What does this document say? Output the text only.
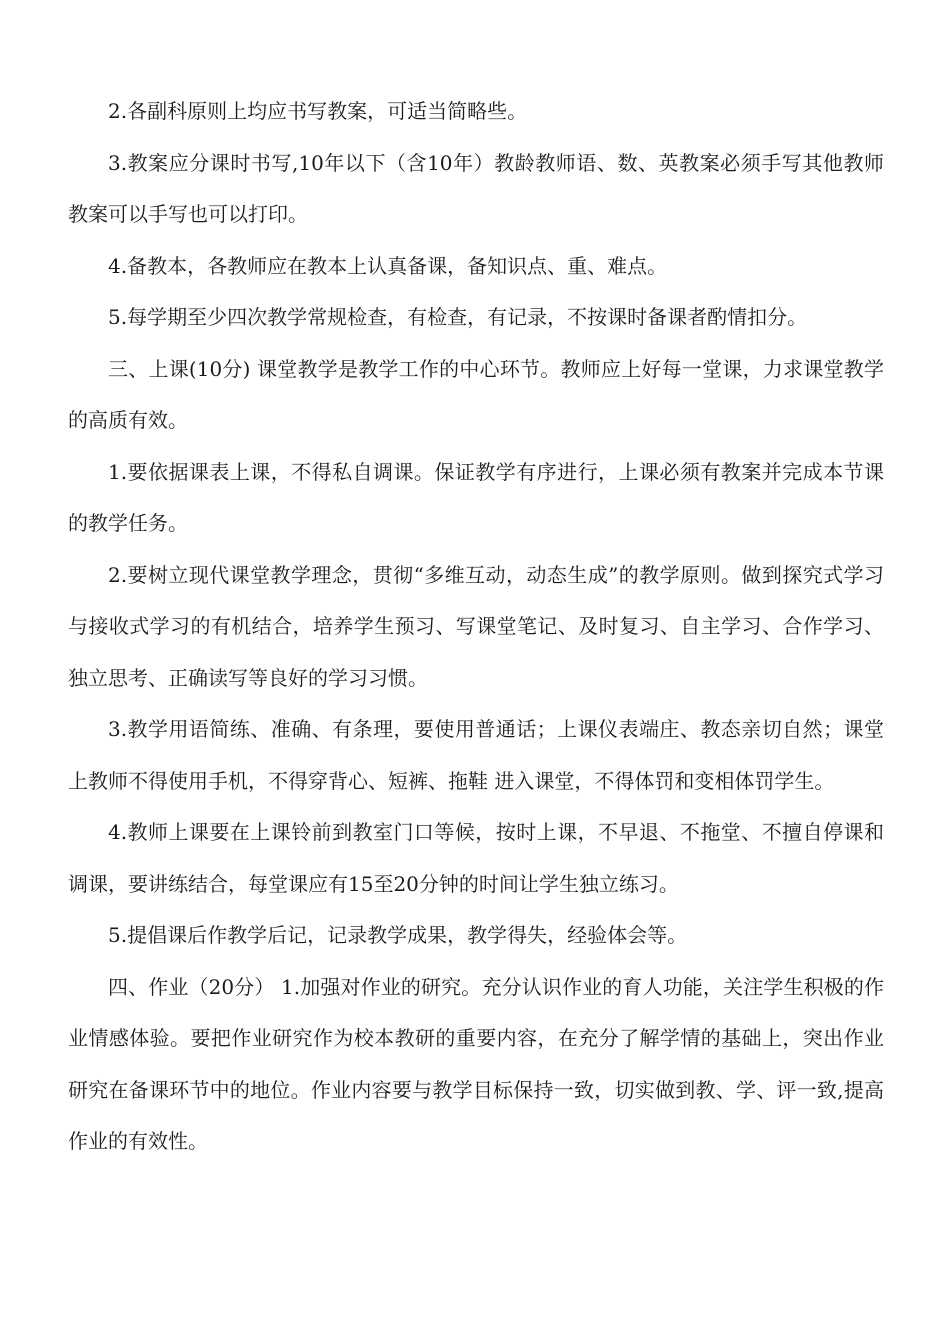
2.各副科原则上均应书写教案，可适当简略些。

3.教案应分课时书写,10年以下（含10年）教龄教师语、数、英教案必须手写其他教师教案可以手写也可以打印。

4.备教本，各教师应在教本上认真备课，备知识点、重、难点。

5.每学期至少四次教学常规检查，有检查，有记录，不按课时备课者酌情扣分。

三、上课(10分) 课堂教学是教学工作的中心环节。教师应上好每一堂课，力求课堂教学的高质有效。

1.要依据课表上课，不得私自调课。保证教学有序进行，上课必须有教案并完成本节课的教学任务。

2.要树立现代课堂教学理念，贯彻“多维互动，动态生成”的教学原则。做到探究式学习与接收式学习的有机结合，培养学生预习、写课堂笔记、及时复习、自主学习、合作学习、独立思考、正确读写等良好的学习习惯。

3.教学用语简练、准确、有条理，要使用普通话；上课仪表端庄、教态亲切自然；课堂上教师不得使用手机，不得穿背心、短裤、拖鞋 进入课堂，不得体罚和变相体罚学生。

4.教师上课要在上课铃前到教室门口等候，按时上课，不早退、不拖堂、不擅自停课和调课，要讲练结合，每堂课应有15至20分钟的时间让学生独立练习。

5.提倡课后作教学后记，记录教学成果，教学得失，经验体会等。

四、作业（20分） 1.加强对作业的研究。充分认识作业的育人功能，关注学生积极的作业情感体验。要把作业研究作为校本教研的重要内容，在充分了解学情的基础上，突出作业研究在备课环节中的地位。作业内容要与教学目标保持一致，切实做到教、学、评一致,提高作业的有效性。
